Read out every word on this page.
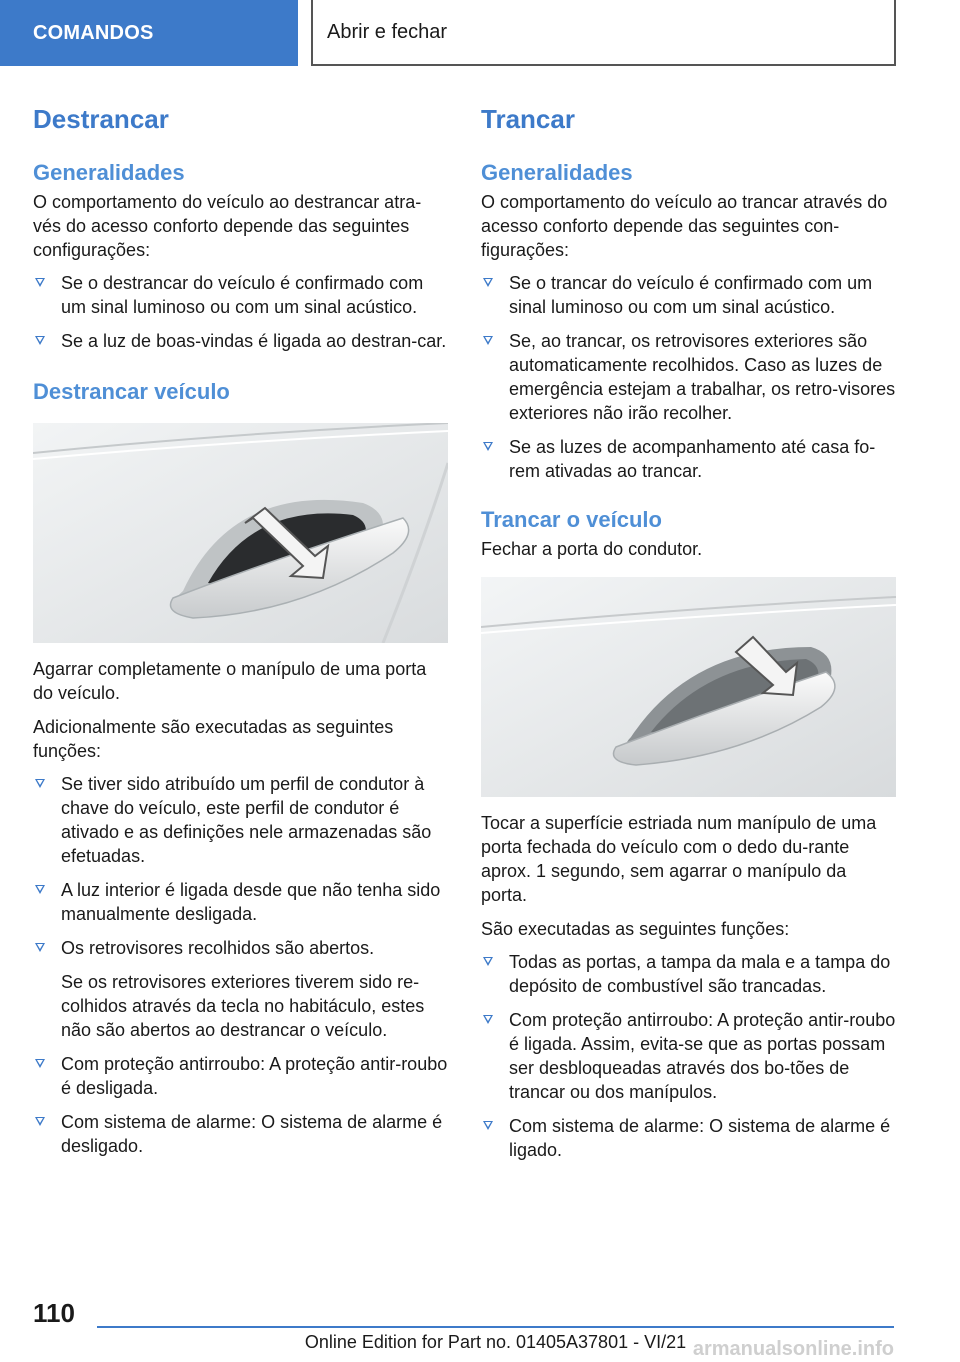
COMANDOS	Abrir e fechar
Destrancar
Generalidades

O comportamento do veículo ao destrancar atra‐vés do acesso conforto depende das seguintes configurações:

Se o destrancar do veículo é confirmado com um sinal luminoso ou com um sinal acústico.
Se a luz de boas-vindas é ligada ao destran‐car.
Destrancar veículo

Agarrar completamente o manípulo de uma porta do veículo.

Adicionalmente são executadas as seguintes funções:

Se tiver sido atribuído um perfil de condutor à chave do veículo, este perfil de condutor é ativado e as definições nele armazenadas são efetuadas.
A luz interior é ligada desde que não tenha sido manualmente desligada.
Os retrovisores recolhidos são abertos.

Se os retrovisores exteriores tiverem sido re‐colhidos através da tecla no habitáculo, estes não são abertos ao destrancar o veículo.

Com proteção antirroubo: A proteção antir‐roubo é desligada.
Com sistema de alarme: O sistema de alarme é desligado.
Trancar
Generalidades

O comportamento do veículo ao trancar através do acesso conforto depende das seguintes con‐figurações:

Se o trancar do veículo é confirmado com um sinal luminoso ou com um sinal acústico.
Se, ao trancar, os retrovisores exteriores são automaticamente recolhidos. Caso as luzes de emergência estejam a trabalhar, os retro‐visores exteriores não irão recolher.
Se as luzes de acompanhamento até casa fo‐rem ativadas ao trancar.
Trancar o veículo

Fechar a porta do condutor.

Tocar a superfície estriada num manípulo de uma porta fechada do veículo com o dedo du‐rante aprox. 1 segundo, sem agarrar o manípulo da porta.

São executadas as seguintes funções:

Todas as portas, a tampa da mala e a tampa do depósito de combustível são trancadas.
Com proteção antirroubo: A proteção antir‐roubo é ligada. Assim, evita-se que as portas possam ser desbloqueadas através dos bo‐tões de trancar ou dos manípulos.
Com sistema de alarme: O sistema de alarme é ligado.
110
Online Edition for Part no. 01405A37801 - VI/21 armanualsonline.info
